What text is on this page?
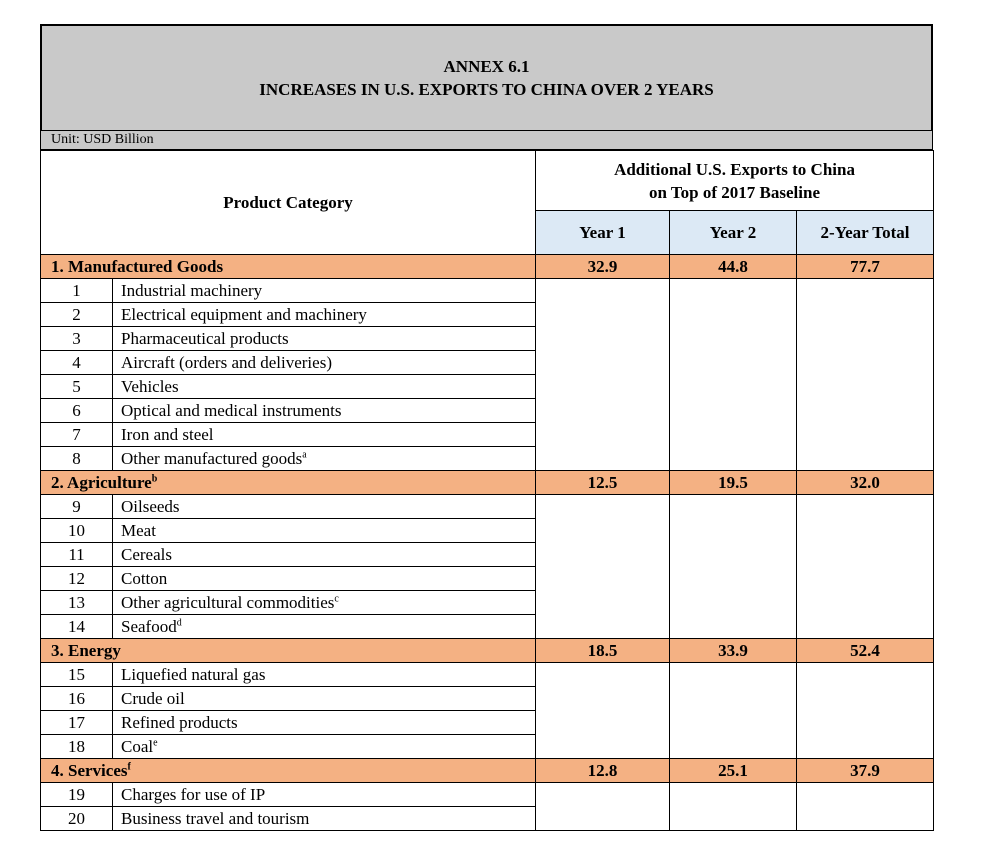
ANNEX 6.1
INCREASES IN U.S. EXPORTS TO CHINA OVER 2 YEARS
Unit: USD Billion
Product Category		Additional U.S. Exports to China
on Top of 2017 Baseline		

		Year 1	Year 2	2-Year Total
1. Manufactured Goods		32.9	44.8	77.7
1	Industrial machinery			
2	Electrical equipment and machinery			
3	Pharmaceutical products			
4	Aircraft (orders and deliveries)			
5	Vehicles			
6	Optical and medical instruments			
7	Iron and steel			
8	Other manufactured goods$^a$
2. Agriculture$^b$		12.5	19.5	32.0
9	Oilseeds			
10	Meat			
11	Cereals			
12	Cotton			
13	Other agricultural commodities$^c$
14	Seafood$^d$
3. Energy		18.5	33.9	52.4
15	Liquefied natural gas			
16	Crude oil			
17	Refined products			
18	Coal$^e$
4. Services$^f$		12.8	25.1	37.9
19	Charges for use of IP			
20	Business travel and tourism			
